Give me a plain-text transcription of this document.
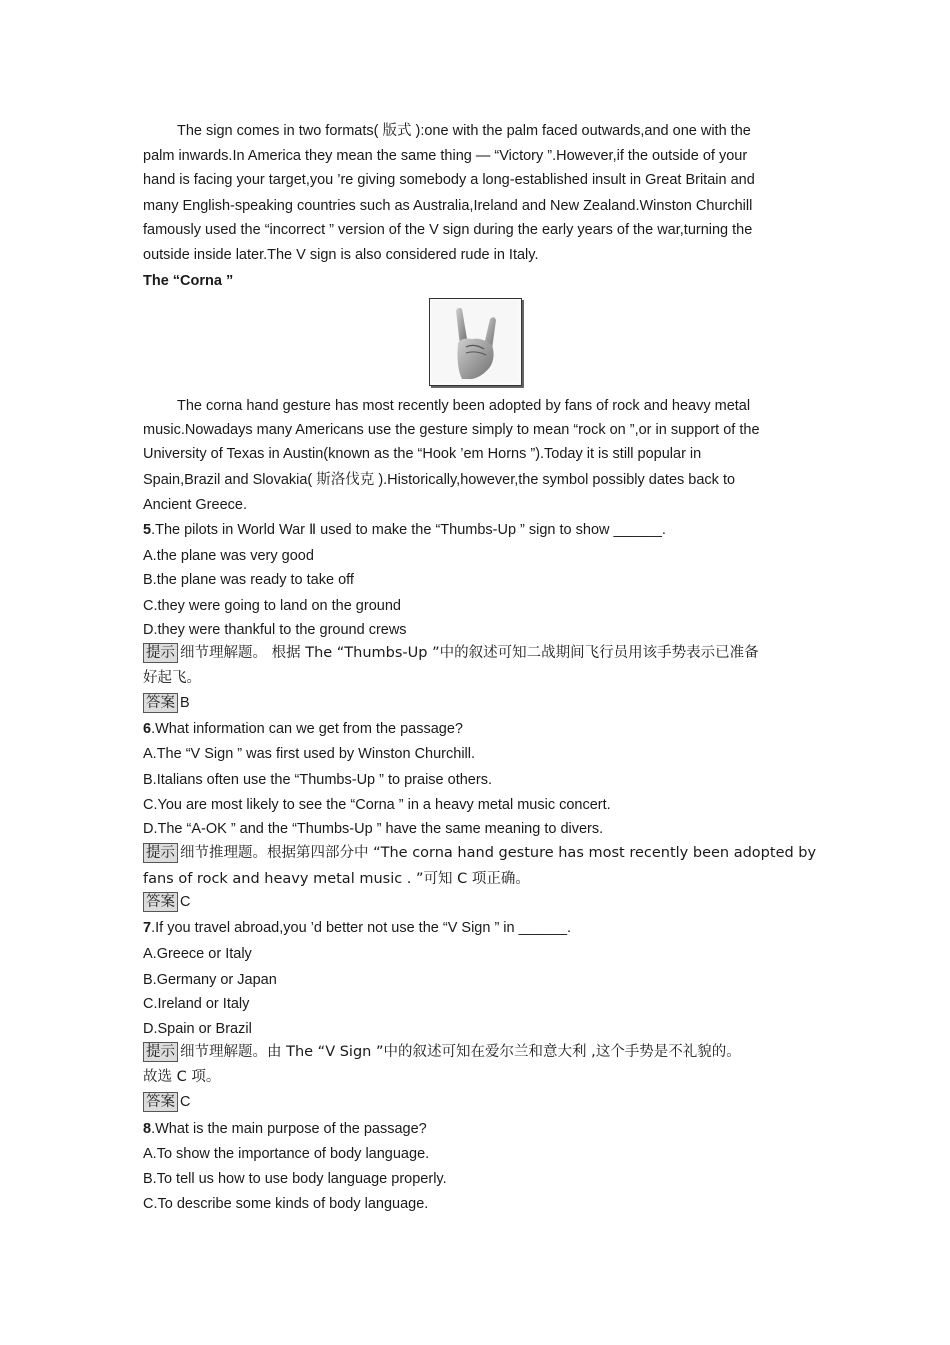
The sign comes in two formats( 版式 ):one with the palm faced outwards,and one with the
palm inwards.In America they mean the same thing — “Victory ”.However,if the outside of your
hand is facing your target,you ’re giving somebody a long-established insult in Great Britain and
many English-speaking countries such as Australia,Ireland and New Zealand.Winston Churchill
famously used the “incorrect ” version of the V sign during the early years of the war,turning the
outside inside later.The V sign is also considered rude in Italy.
The “Corna ”
The corna hand gesture has most recently been adopted by fans of rock and heavy metal
music.Nowadays many Americans use the gesture simply to mean “rock on ”,or in support of the
University of Texas in Austin(known as the “Hook ’em Horns ”).Today it is still popular in
Spain,Brazil and Slovakia( 斯洛伐克 ).Historically,however,the symbol possibly dates back to
Ancient Greece.
5.The pilots in World War Ⅱ used to make the “Thumbs-Up ” sign to show ______.
A.the plane was very good
B.the plane was ready to take off
C.they were going to land on the ground
D.they were thankful to the ground crews
提示 细节理解题。 根据 The “Thumbs-Up ”中的叙述可知二战期间飞行员用该手势表示已准备
好起飞。
答案 B
6.What information can we get from the passage?
A.The “V Sign ” was first used by Winston Churchill.
B.Italians often use the “Thumbs-Up ” to praise others.
C.You are most likely to see the “Corna ” in a heavy metal music concert.
D.The “A-OK ” and the “Thumbs-Up ” have the same meaning to divers.
提示 细节推理题。根据第四部分中 “The corna hand gesture has most recently been adopted by
fans of rock and heavy metal music . ”可知 C 项正确。
答案 C
7.If you travel abroad,you ’d better not use the “V Sign ” in ______.
A.Greece or Italy
B.Germany or Japan
C.Ireland or Italy
D.Spain or Brazil
提示 细节理解题。由 The “V Sign ”中的叙述可知在爱尔兰和意大利 ,这个手势是不礼貌的。
故选 C 项。
答案 C
8.What is the main purpose of the passage?
A.To show the importance of body language.
B.To tell us how to use body language properly.
C.To describe some kinds of body language.
